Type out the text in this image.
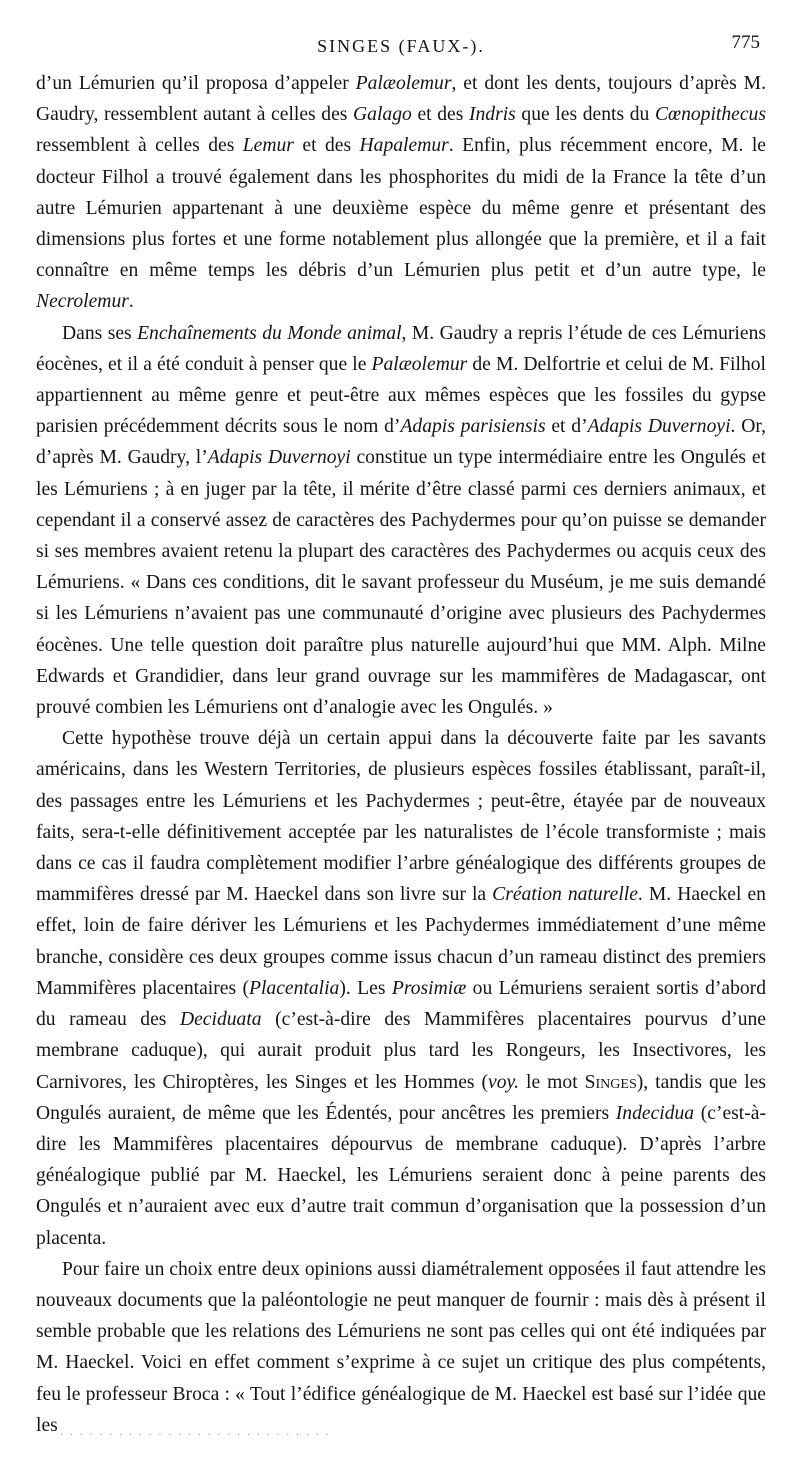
SINGES (FAUX-).	775

d’un Lémurien qu’il proposa d’appeler Palæolemur, et dont les dents, toujours d’après M. Gaudry, ressemblent autant à celles des Galago et des Indris que les dents du Cœnopithecus ressemblent à celles des Lemur et des Hapalemur. Enfin, plus récemment encore, M. le docteur Filhol a trouvé également dans les phosphorites du midi de la France la tête d’un autre Lémurien appartenant à une deuxième espèce du même genre et présentant des dimensions plus fortes et une forme notablement plus allongée que la première, et il a fait connaître en même temps les débris d’un Lémurien plus petit et d’un autre type, le Necrolemur.

Dans ses Enchaînements du Monde animal, M. Gaudry a repris l’étude de ces Lémuriens éocènes, et il a été conduit à penser que le Palæolemur de M. Delfortrie et celui de M. Filhol appartiennent au même genre et peut-être aux mêmes espèces que les fossiles du gypse parisien précédemment décrits sous le nom d’Adapis parisiensis et d’Adapis Duvernoyi. Or, d’après M. Gaudry, l’Adapis Duvernoyi constitue un type intermédiaire entre les Ongulés et les Lémuriens ; à en juger par la tête, il mérite d’être classé parmi ces derniers animaux, et cependant il a conservé assez de caractères des Pachydermes pour qu’on puisse se demander si ses membres avaient retenu la plupart des caractères des Pachydermes ou acquis ceux des Lémuriens. « Dans ces conditions, dit le savant professeur du Muséum, je me suis demandé si les Lémuriens n’avaient pas une communauté d’origine avec plusieurs des Pachydermes éocènes. Une telle question doit paraître plus naturelle aujourd’hui que MM. Alph. Milne Edwards et Grandidier, dans leur grand ouvrage sur les mammifères de Madagascar, ont prouvé combien les Lémuriens ont d’analogie avec les Ongulés. »

Cette hypothèse trouve déjà un certain appui dans la découverte faite par les savants américains, dans les Western Territories, de plusieurs espèces fossiles établissant, paraît-il, des passages entre les Lémuriens et les Pachydermes ; peut-être, étayée par de nouveaux faits, sera-t-elle définitivement acceptée par les naturalistes de l’école transformiste ; mais dans ce cas il faudra complètement modifier l’arbre généalogique des différents groupes de mammifères dressé par M. Haeckel dans son livre sur la Création naturelle. M. Haeckel en effet, loin de faire dériver les Lémuriens et les Pachydermes immédiatement d’une même branche, considère ces deux groupes comme issus chacun d’un rameau distinct des premiers Mammifères placentaires (Placentalia). Les Prosimiæ ou Lémuriens seraient sortis d’abord du rameau des Deciduata (c’est-à-dire des Mammifères placentaires pourvus d’une membrane caduque), qui aurait produit plus tard les Rongeurs, les Insectivores, les Carnivores, les Chiroptères, les Singes et les Hommes (voy. le mot Singes), tandis que les Ongulés auraient, de même que les Édentés, pour ancêtres les premiers Indecidua (c’est-à-dire les Mammifères placentaires dépourvus de membrane caduque). D’après l’arbre généalogique publié par M. Haeckel, les Lémuriens seraient donc à peine parents des Ongulés et n’auraient avec eux d’autre trait commun d’organisation que la possession d’un placenta.

Pour faire un choix entre deux opinions aussi diamétralement opposées il faut attendre les nouveaux documents que la paléontologie ne peut manquer de fournir : mais dès à présent il semble probable que les relations des Lémuriens ne sont pas celles qui ont été indiquées par M. Haeckel. Voici en effet comment s’exprime à ce sujet un critique des plus compétents, feu le professeur Broca : « Tout l’édifice généalogique de M. Haeckel est basé sur l’idée que les · · · · · · · · · · · · · · · · · · · · · · · · · · · ·
